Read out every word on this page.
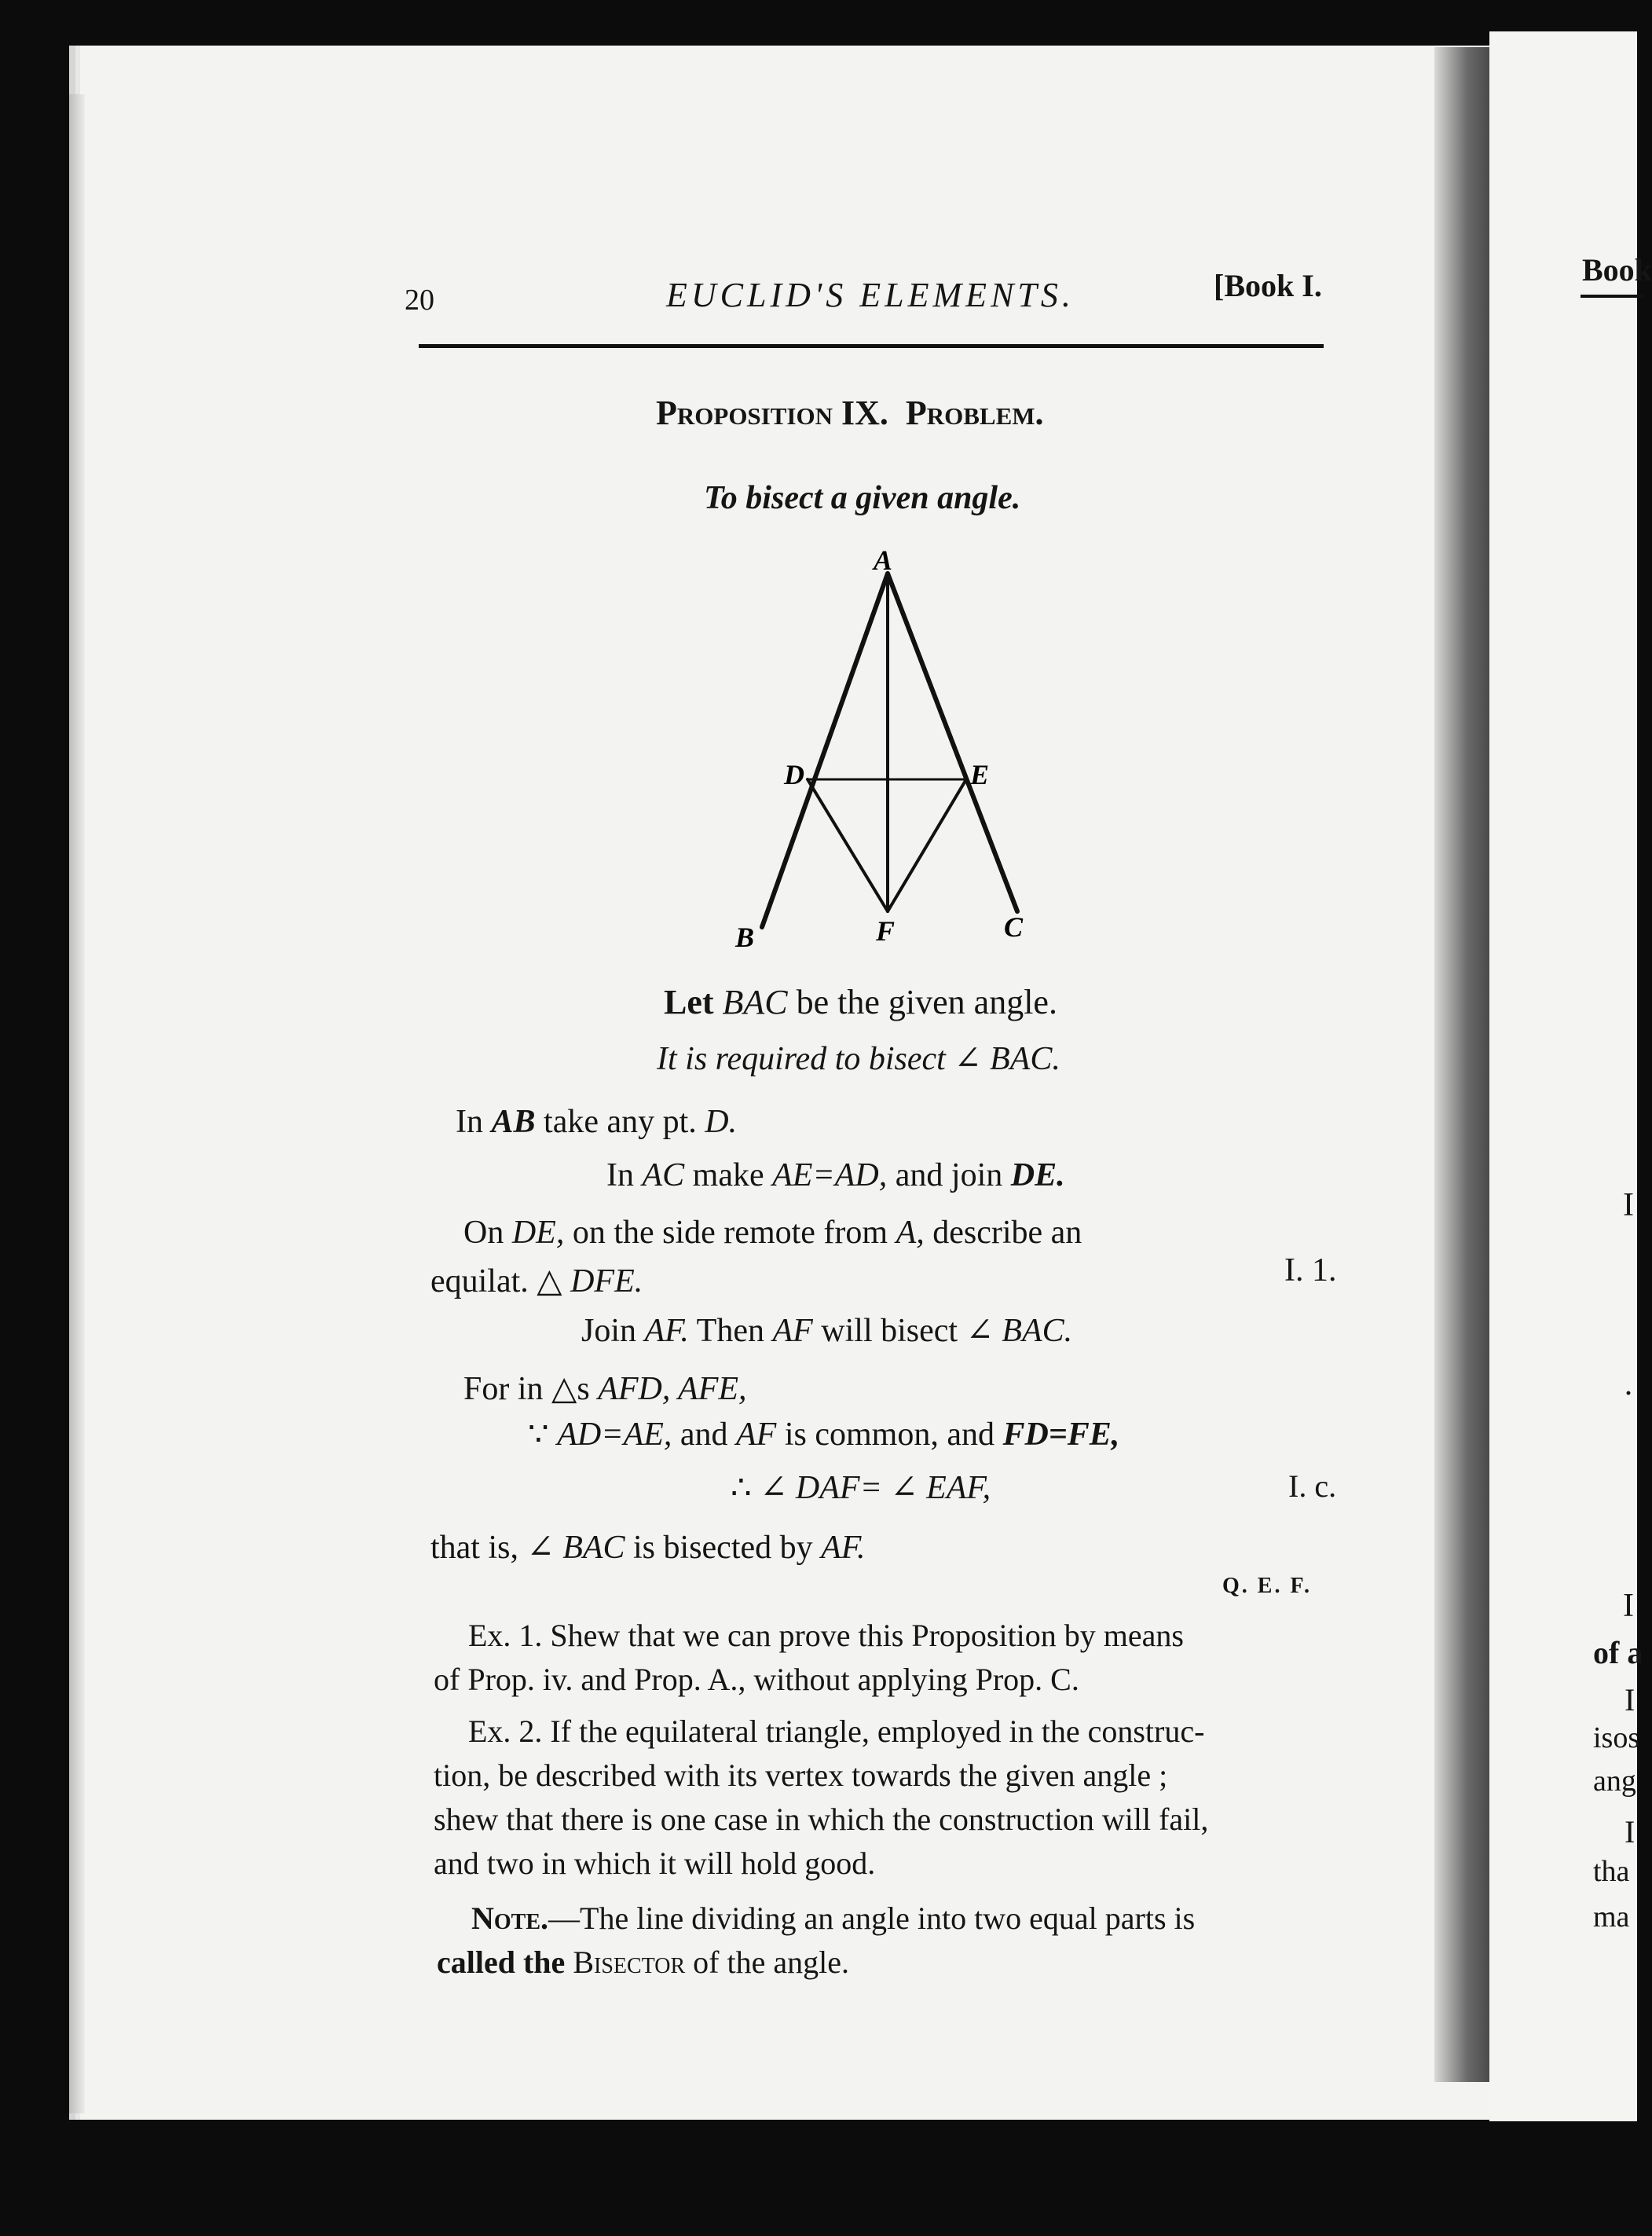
Book
I
·
I
of a
I
isos
ang
I
tha
ma
20	EUCLID'S ELEMENTS.	[Book I.
Proposition IX. Problem.
To bisect a given angle.
A
D	E
B	F	C
Let BAC be the given angle.
It is required to bisect ∠ BAC.
In AB take any pt. D.
In AC make AE=AD, and join DE.
On DE, on the side remote from A, describe an
equilat. △ DFE.	I. 1.
Join AF. Then AF will bisect ∠ BAC.
For in △s AFD, AFE,
∵ AD=AE, and AF is common, and FD=FE,
∴ ∠ DAF= ∠ EAF,	I. c.
that is, ∠ BAC is bisected by AF.
Q. E. F.
Ex. 1. Shew that we can prove this Proposition by means
of Prop. iv. and Prop. A., without applying Prop. C.
Ex. 2. If the equilateral triangle, employed in the construc-
tion, be described with its vertex towards the given angle ;
shew that there is one case in which the construction will fail,
and two in which it will hold good.
Note.—The line dividing an angle into two equal parts is
called the Bisector of the angle.
